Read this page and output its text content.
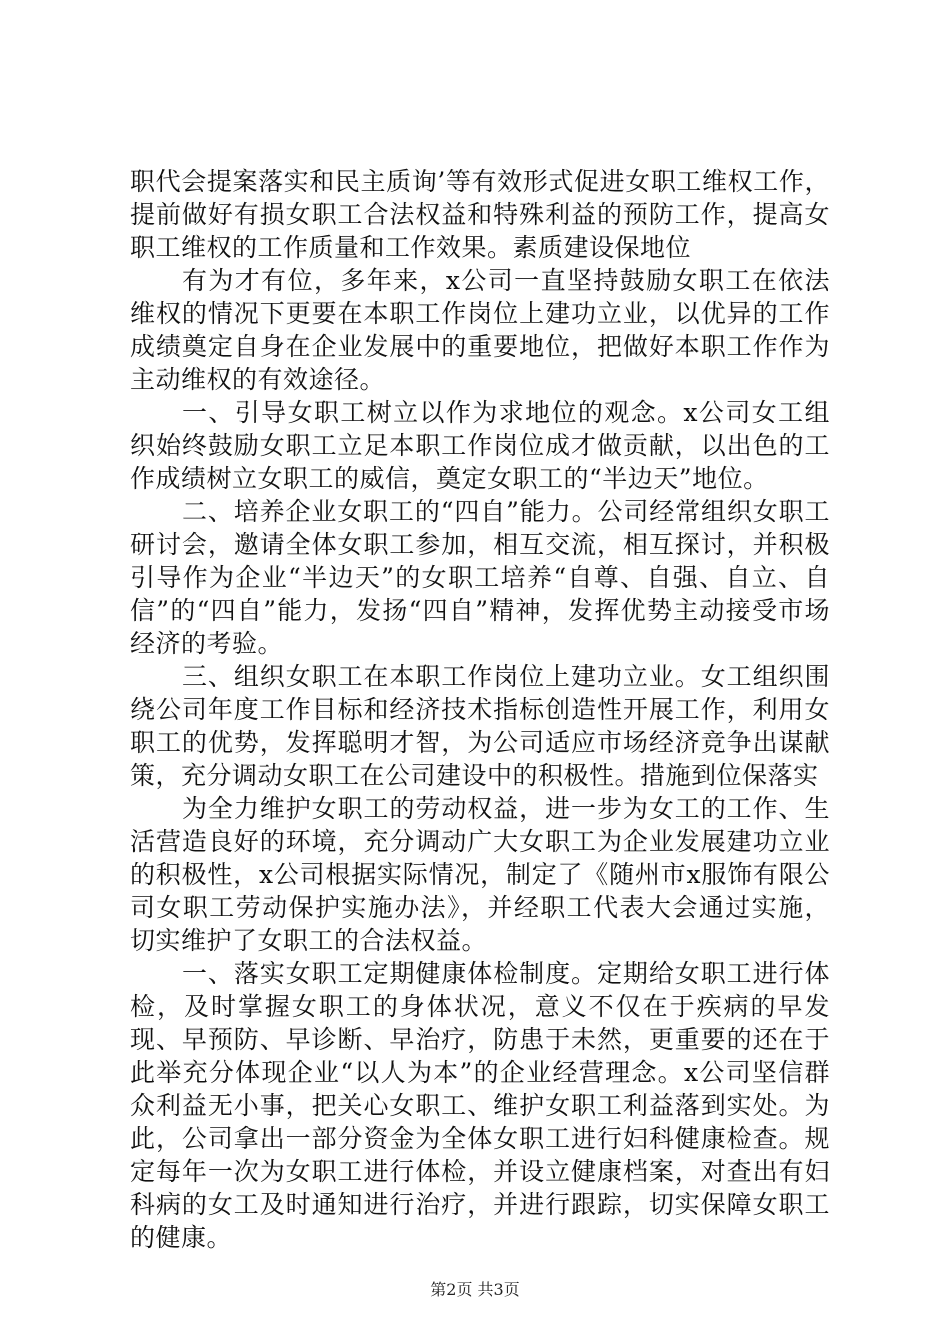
职代会提案落实和民主质询’等有效形式促进女职工维权工作，提前做好有损女职工合法权益和特殊利益的预防工作，提高女职工维权的工作质量和工作效果。素质建设保地位

有为才有位，多年来，x公司一直坚持鼓励女职工在依法维权的情况下更要在本职工作岗位上建功立业，以优异的工作成绩奠定自身在企业发展中的重要地位，把做好本职工作作为主动维权的有效途径。

一、引导女职工树立以作为求地位的观念。x公司女工组织始终鼓励女职工立足本职工作岗位成才做贡献，以出色的工作成绩树立女职工的威信，奠定女职工的“半边天”地位。

二、培养企业女职工的“四自”能力。公司经常组织女职工研讨会，邀请全体女职工参加，相互交流，相互探讨，并积极引导作为企业“半边天”的女职工培养“自尊、自强、自立、自信”的“四自”能力，发扬“四自”精神，发挥优势主动接受市场经济的考验。

三、组织女职工在本职工作岗位上建功立业。女工组织围绕公司年度工作目标和经济技术指标创造性开展工作，利用女职工的优势，发挥聪明才智，为公司适应市场经济竞争出谋献策，充分调动女职工在公司建设中的积极性。措施到位保落实

为全力维护女职工的劳动权益，进一步为女工的工作、生活营造良好的环境，充分调动广大女职工为企业发展建功立业的积极性，x公司根据实际情况，制定了《随州市x服饰有限公司女职工劳动保护实施办法》，并经职工代表大会通过实施，切实维护了女职工的合法权益。

一、落实女职工定期健康体检制度。定期给女职工进行体检，及时掌握女职工的身体状况，意义不仅在于疾病的早发现、早预防、早诊断、早治疗，防患于未然，更重要的还在于此举充分体现企业“以人为本”的企业经营理念。x公司坚信群众利益无小事，把关心女职工、维护女职工利益落到实处。为此，公司拿出一部分资金为全体女职工进行妇科健康检查。规定每年一次为女职工进行体检，并设立健康档案，对查出有妇科病的女工及时通知进行治疗，并进行跟踪，切实保障女职工的健康。

第2页 共3页
